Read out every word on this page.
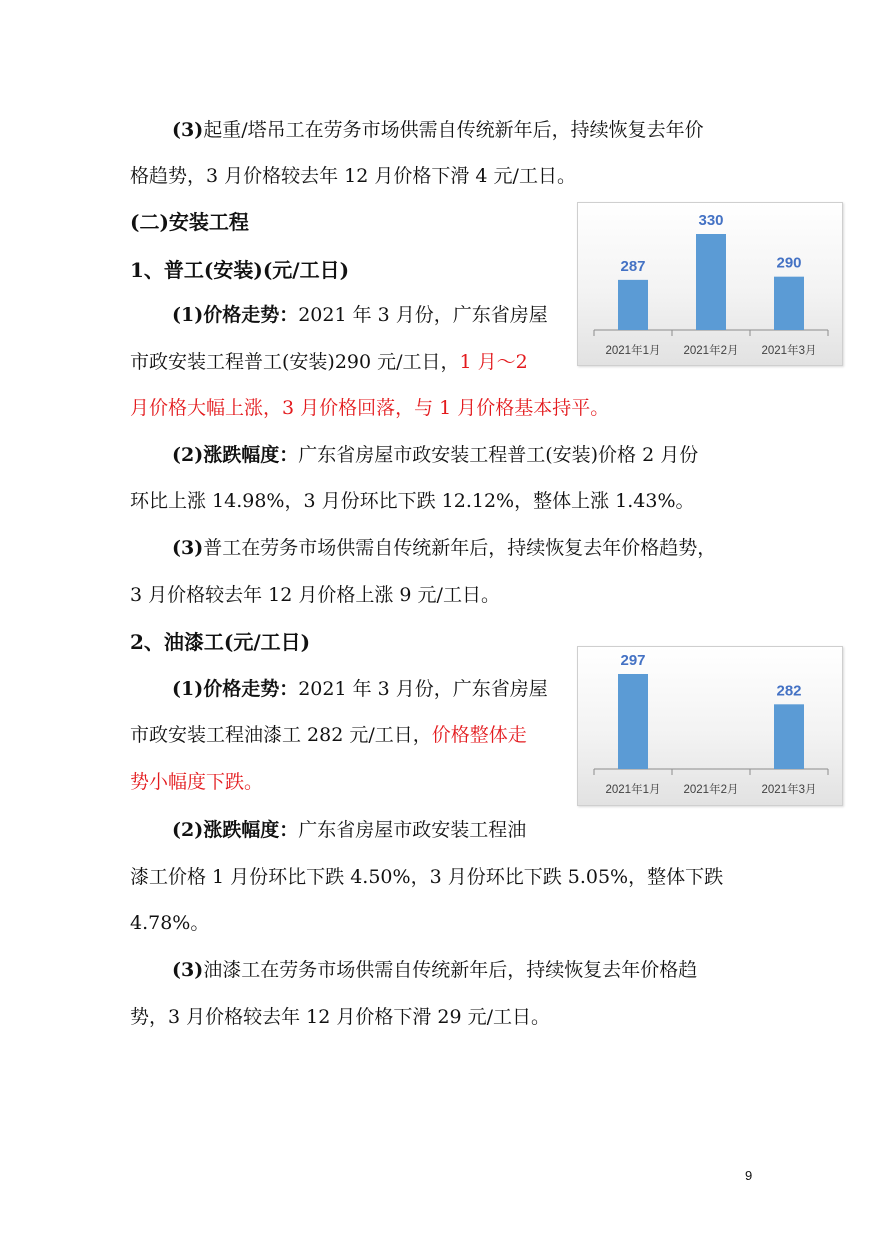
(3)起重/塔吊工在劳务市场供需自传统新年后，持续恢复去年价
格趋势，3 月价格较去年 12 月价格下滑 4 元/工日。
(二)安装工程
1、普工(安装)(元/工日)
(1)价格走势：2021 年 3 月份，广东省房屋
市政安装工程普工(安装)290 元/工日，1 月～2
月价格大幅上涨，3 月价格回落，与 1 月价格基本持平。
(2)涨跌幅度：广东省房屋市政安装工程普工(安装)价格 2 月份
环比上涨 14.98%，3 月份环比下跌 12.12%，整体上涨 1.43%。
(3)普工在劳务市场供需自传统新年后，持续恢复去年价格趋势，
3 月价格较去年 12 月价格上涨 9 元/工日。
2、油漆工(元/工日)
(1)价格走势：2021 年 3 月份，广东省房屋
市政安装工程油漆工 282 元/工日，价格整体走
势小幅度下跌。
(2)涨跌幅度：广东省房屋市政安装工程油
漆工价格 1 月份环比下跌 4.50%，3 月份环比下跌 5.05%，整体下跌
4.78%。
(3)油漆工在劳务市场供需自传统新年后，持续恢复去年价格趋
势，3 月价格较去年 12 月价格下滑 29 元/工日。
287
2021年1月
330
2021年2月
290
2021年3月
297
2021年1月 2021年2月
282
2021年3月
9
